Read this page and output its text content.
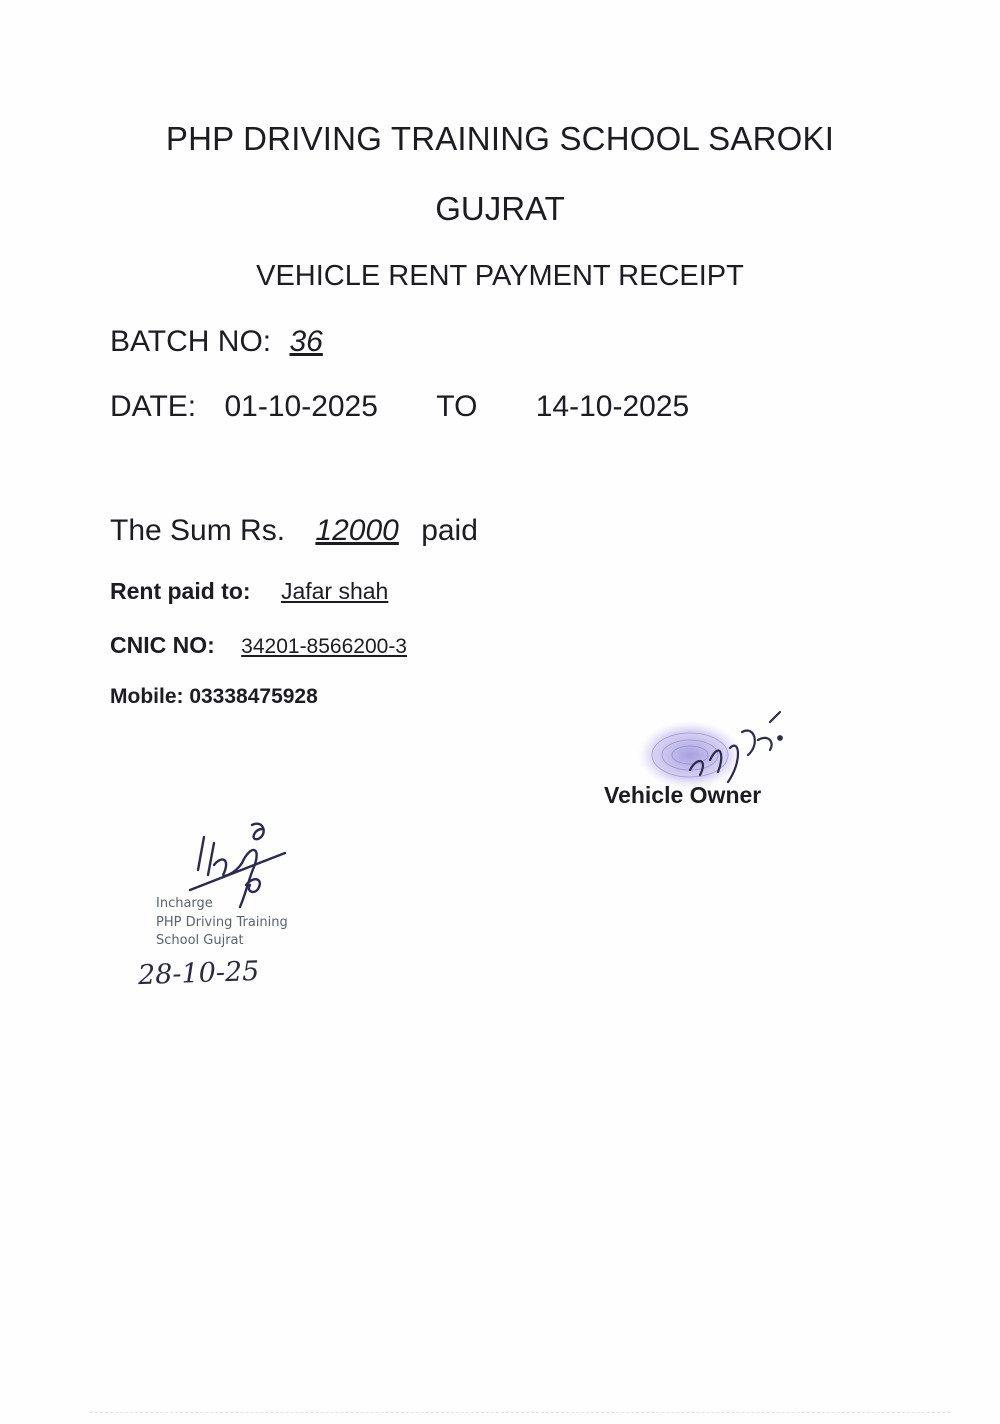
PHP DRIVING TRAINING SCHOOL SAROKI
GUJRAT
VEHICLE RENT PAYMENT RECEIPT
BATCH NO: 36
DATE: 01-10-2025 TO 14-10-2025
The Sum Rs. 12000 paid
Rent paid to: Jafar shah
CNIC NO: 34201-8566200-3
Mobile: 03338475928
Vehicle Owner
Incharge
PHP Driving Training
School Gujrat
28-10-25
